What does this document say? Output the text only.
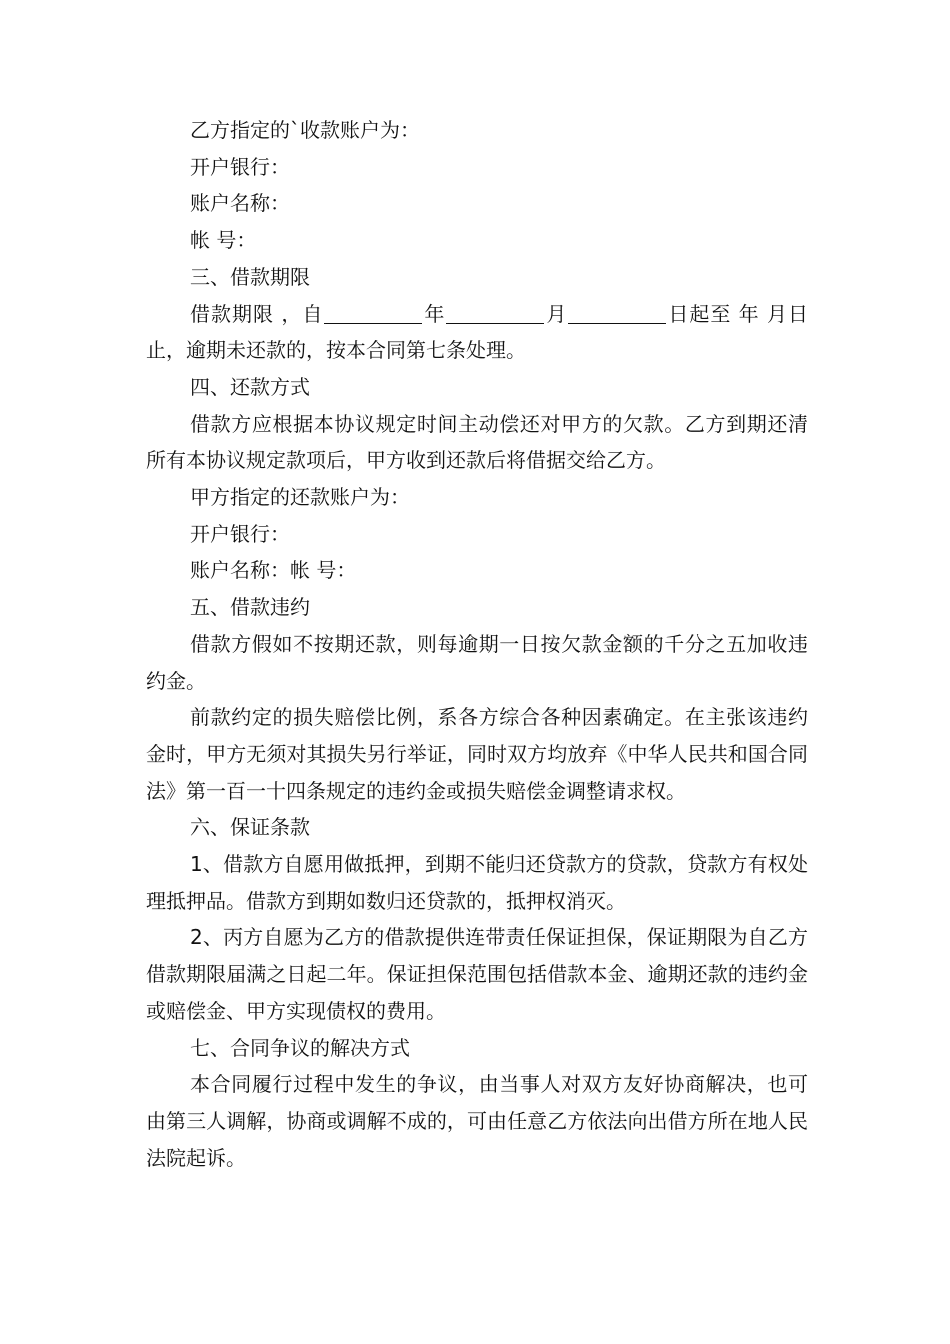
乙方指定的`收款账户为：

开户银行：

账户名称：

帐 号：

三、借款期限

借款期限 ，自	年	月	日起至 年 月日止，逾期未还款的，按本合同第七条处理。

四、还款方式

借款方应根据本协议规定时间主动偿还对甲方的欠款。乙方到期还清所有本协议规定款项后，甲方收到还款后将借据交给乙方。

甲方指定的还款账户为：

开户银行：

账户名称：帐 号：

五、借款违约

借款方假如不按期还款，则每逾期一日按欠款金额的千分之五加收违约金。

前款约定的损失赔偿比例，系各方综合各种因素确定。在主张该违约金时，甲方无须对其损失另行举证，同时双方均放弃《中华人民共和国合同法》第一百一十四条规定的违约金或损失赔偿金调整请求权。

六、保证条款

1、借款方自愿用做抵押，到期不能归还贷款方的贷款，贷款方有权处理抵押品。借款方到期如数归还贷款的，抵押权消灭。

2、丙方自愿为乙方的借款提供连带责任保证担保，保证期限为自乙方借款期限届满之日起二年。保证担保范围包括借款本金、逾期还款的违约金或赔偿金、甲方实现债权的费用。

七、合同争议的解决方式

本合同履行过程中发生的争议，由当事人对双方友好协商解决，也可由第三人调解，协商或调解不成的，可由任意乙方依法向出借方所在地人民法院起诉。
